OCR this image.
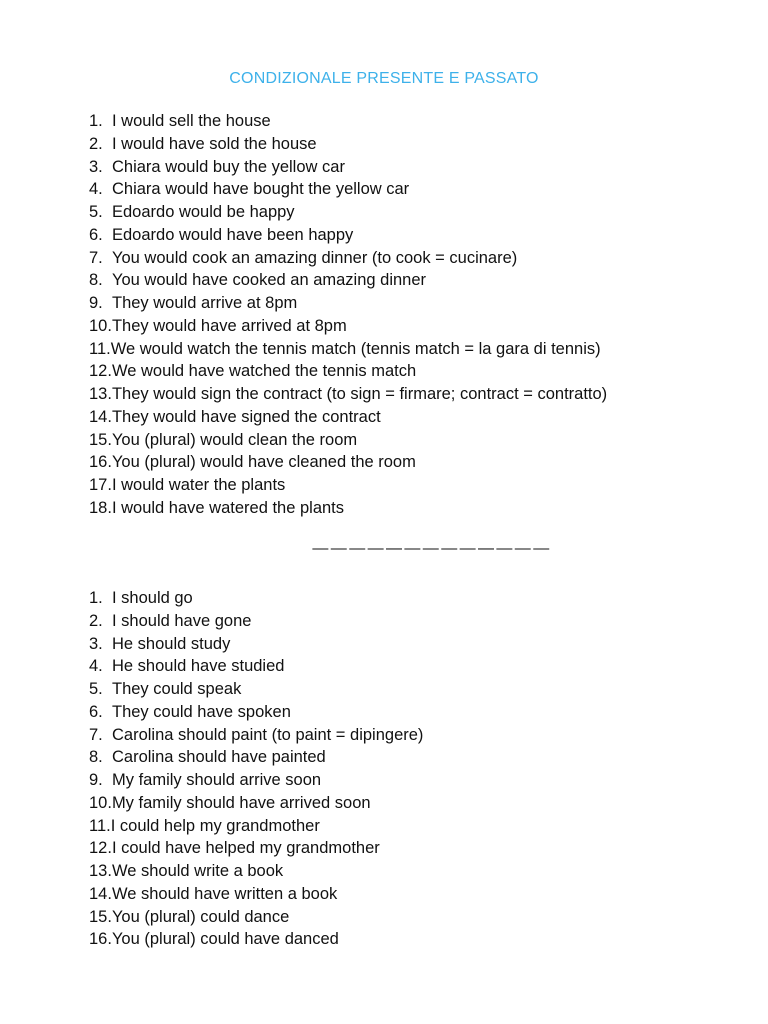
CONDIZIONALE PRESENTE E PASSATO
1. I would sell the house
2. I would have sold the house
3. Chiara would buy the yellow car
4. Chiara would have bought the yellow car
5. Edoardo would be happy
6. Edoardo would have been happy
7. You would cook an amazing dinner (to cook = cucinare)
8. You would have cooked an amazing dinner
9. They would arrive at 8pm
10.They would have arrived at 8pm
11.We would watch the tennis match (tennis match = la gara di tennis)
12.We would have watched the tennis match
13.They would sign the contract (to sign = firmare; contract = contratto)
14.They would have signed the contract
15.You (plural) would clean the room
16.You (plural) would have cleaned the room
17.I would water the plants
18.I would have watered the plants
—————————————
1. I should go
2. I should have gone
3. He should study
4. He should have studied
5. They could speak
6. They could have spoken
7. Carolina should paint (to paint = dipingere)
8. Carolina should have painted
9. My family should arrive soon
10.My family should have arrived soon
11.I could help my grandmother
12.I could have helped my grandmother
13.We should write a book
14.We should have written a book
15.You (plural) could dance
16.You (plural) could have danced
